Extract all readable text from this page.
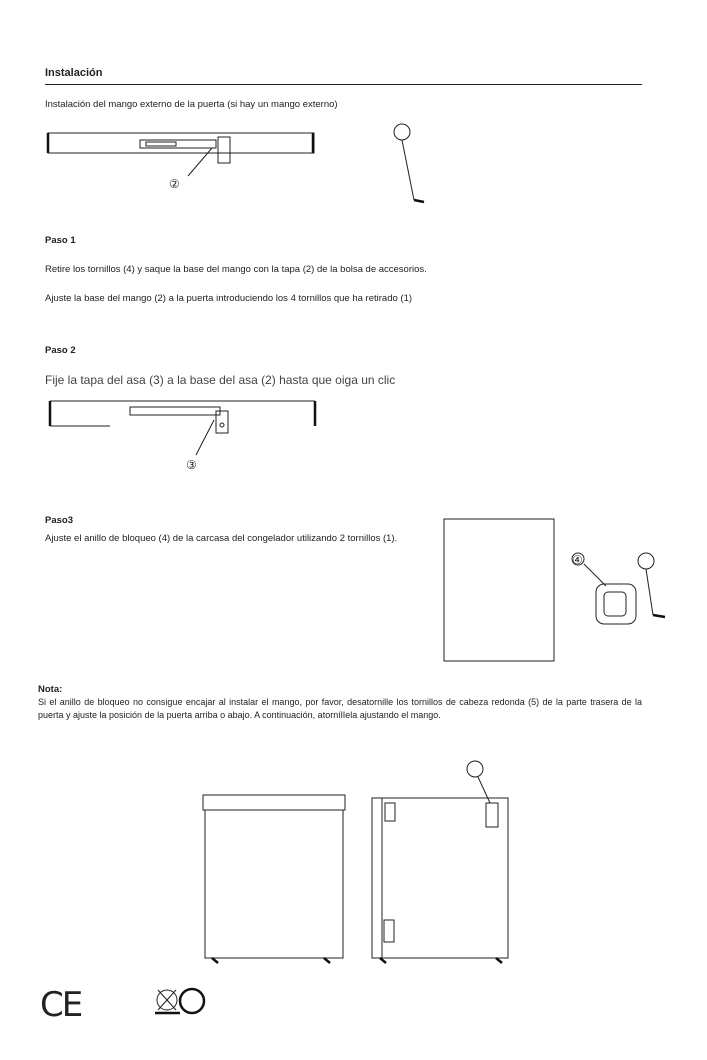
Instalación
Instalación del mango externo de la puerta (si hay un mango externo)
②
Paso 1
Retire los tornillos (4) y saque la base del mango con la tapa (2) de la bolsa de accesorios.
Ajuste la base del mango (2) a la puerta introduciendo los 4 tornillos que ha retirado (1)
Paso 2
Fije la tapa del asa (3) a la base del asa (2) hasta que oiga un clic
③
Paso3
Ajuste el anillo de bloqueo (4) de la carcasa del congelador utilizando 2 tornillos (1).
④
Nota:
Si el anillo de bloqueo no consigue encajar al instalar el mango, por favor, desatornille los tornillos de cabeza redonda (5) de la parte trasera de la puerta y ajuste la posición de la puerta arriba o abajo. A continuación, atornílIela ajustando el mango.
CE
